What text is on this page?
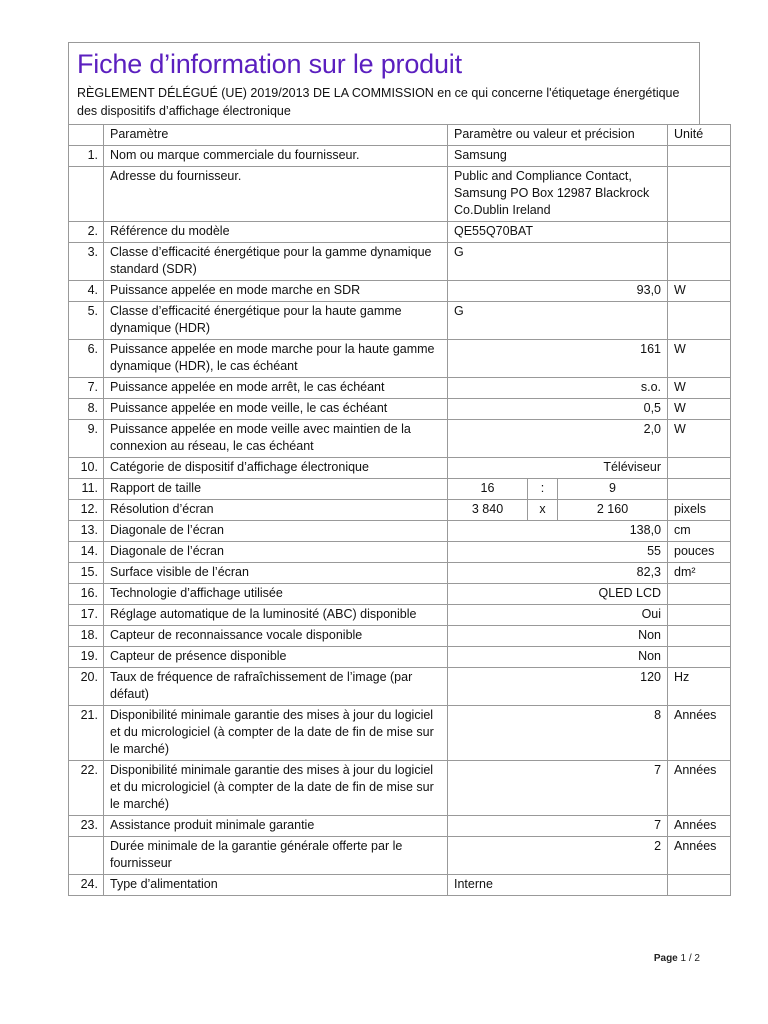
Fiche d’information sur le produit
RÈGLEMENT DÉLÉGUÉ (UE) 2019/2013 DE LA COMMISSION en ce qui concerne l'étiquetage énergétique des dispositifs d’affichage électronique
	Paramètre	Paramètre ou valeur et précision			Unité
1.	Nom ou marque commerciale du fournisseur.	Samsung			
	Adresse du fournisseur.	Public and Compliance Contact, Samsung PO Box 12987 Blackrock Co.Dublin Ireland			
2.	Référence du modèle	QE55Q70BAT			
3.	Classe d’efficacité énergétique pour la gamme dynamique standard (SDR)	G			
4.	Puissance appelée en mode marche en SDR	93,0			W
5.	Classe d’efficacité énergétique pour la haute gamme dynamique (HDR)	G			
6.	Puissance appelée en mode marche pour la haute gamme dynamique (HDR), le cas échéant	161			W
7.	Puissance appelée en mode arrêt, le cas échéant	s.o.			W
8.	Puissance appelée en mode veille, le cas échéant	0,5			W
9.	Puissance appelée en mode veille avec maintien de la connexion au réseau, le cas échéant	2,0			W
10.	Catégorie de dispositif d’affichage électronique	Téléviseur			
11.	Rapport de taille	16	:	9	
12.	Résolution d’écran	3 840	x	2 160	pixels
13.	Diagonale de l’écran	138,0			cm
14.	Diagonale de l’écran	55			pouces
15.	Surface visible de l’écran	82,3			dm²
16.	Technologie d’affichage utilisée	QLED LCD			
17.	Réglage automatique de la luminosité (ABC) disponible	Oui			
18.	Capteur de reconnaissance vocale disponible	Non			
19.	Capteur de présence disponible	Non			
20.	Taux de fréquence de rafraîchissement de l’image (par défaut)	120			Hz
21.	Disponibilité minimale garantie des mises à jour du logiciel et du micrologiciel (à compter de la date de fin de mise sur le marché)	8			Années
22.	Disponibilité minimale garantie des mises à jour du logiciel et du micrologiciel (à compter de la date de fin de mise sur le marché)	7			Années
23.	Assistance produit minimale garantie	7			Années
	Durée minimale de la garantie générale offerte par le fournisseur	2			Années
24.	Type d’alimentation	Interne			
Page 1 / 2
